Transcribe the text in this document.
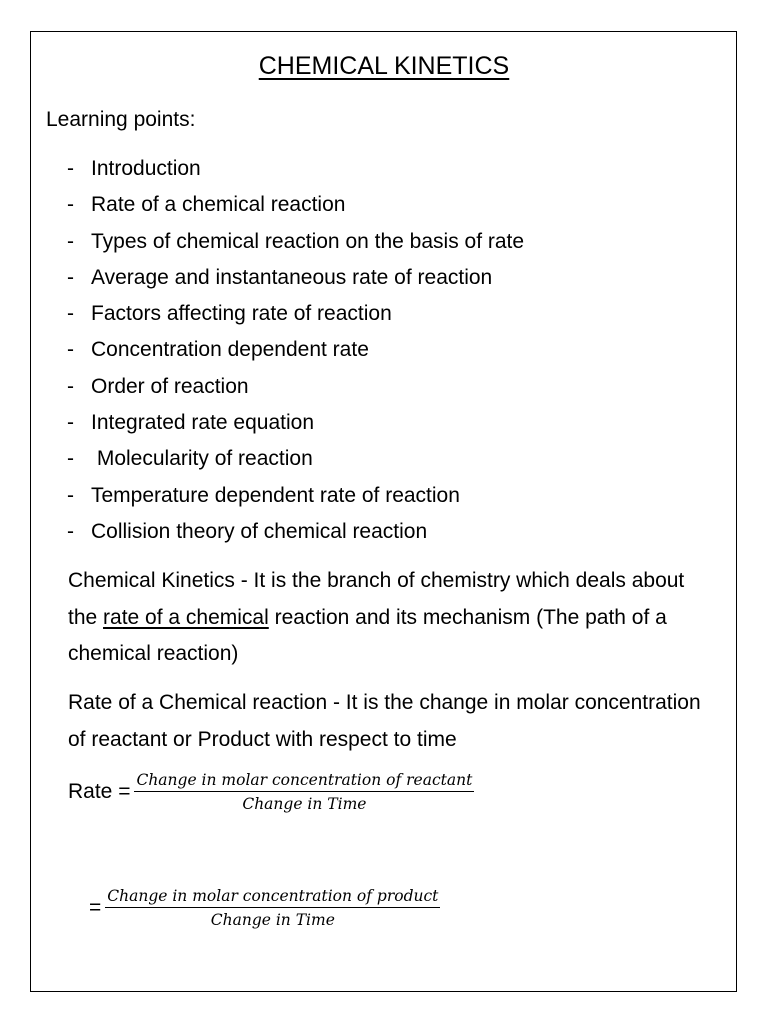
CHEMICAL KINETICS
Learning points:
- Introduction
- Rate of a chemical reaction
- Types of chemical reaction on the basis of rate
- Average and instantaneous rate of reaction
- Factors affecting rate of reaction
- Concentration dependent rate
- Order of reaction
- Integrated rate equation
- Molecularity of reaction
- Temperature dependent rate of reaction
- Collision theory of chemical reaction
Chemical Kinetics - It is the branch of chemistry which deals about the rate of a chemical reaction and its mechanism (The path of a chemical reaction)
Rate of a Chemical reaction - It is the change in molar concentration of reactant or Product with respect to time
Rate = $\frac{\text{Change in molar concentration of reactant}}{\text{Change in Time}}$
= $\frac{\text{Change in molar concentration of product}}{\text{Change in Time}}$
